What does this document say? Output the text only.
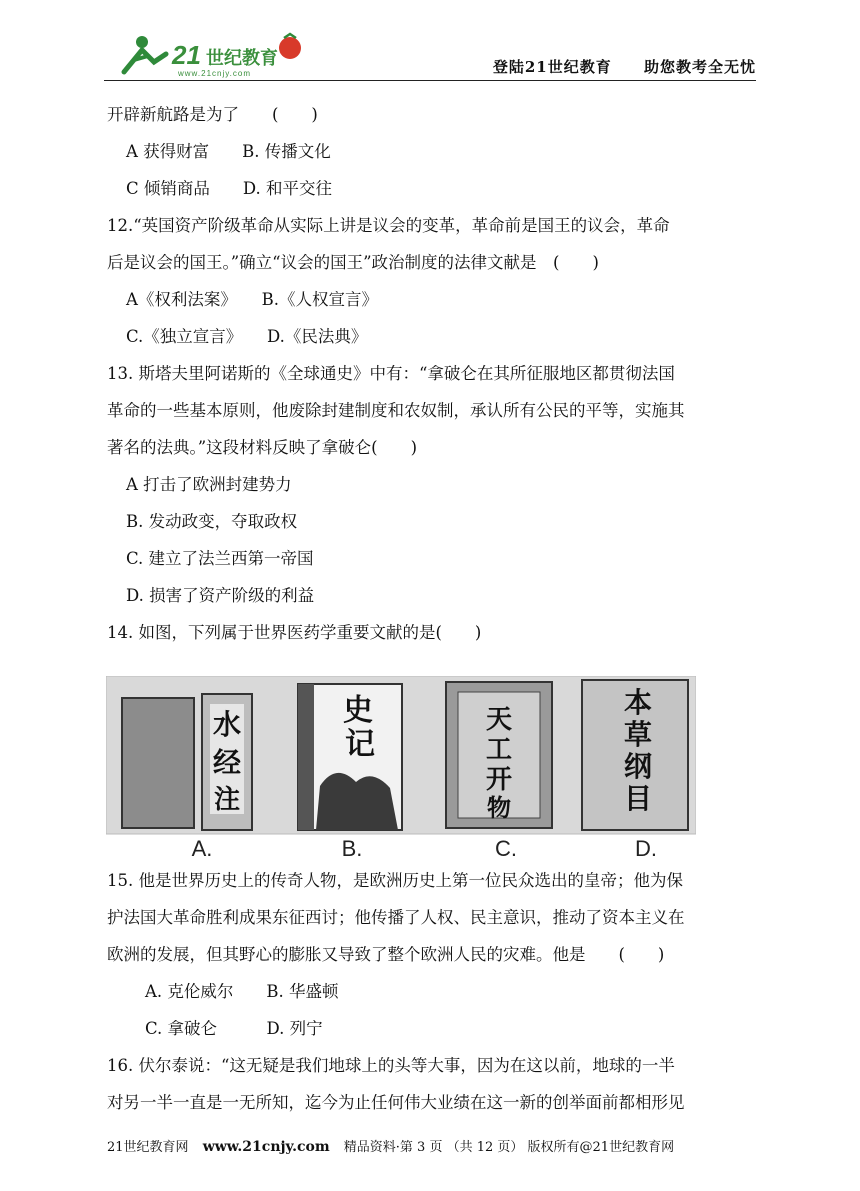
21 世纪教育
www.21cnjy.com	登陆21世纪教育 助您教考全无忧
开辟新航路是为了　　(　　)
A 获得财富　　B. 传播文化
C 倾销商品　　D. 和平交往
12.“英国资产阶级革命从实际上讲是议会的变革，革命前是国王的议会，革命
后是议会的国王。”确立“议会的国王”政治制度的法律文献是　(　　)
A《权利法案》　　B.《人权宣言》
C.《独立宣言》　　D.《民法典》
13. 斯塔夫里阿诺斯的《全球通史》中有：“拿破仑在其所征服地区都贯彻法国
革命的一些基本原则，他废除封建制度和农奴制，承认所有公民的平等，实施其
著名的法典。”这段材料反映了拿破仑(　　)
A 打击了欧洲封建势力
B. 发动政变，夺取政权
C. 建立了法兰西第一帝国
D. 损害了资产阶级的利益
14. 如图，下列属于世界医药学重要文献的是(　　)
水
经
注
史
记
天
工
开
物
本
草
纲
目
A.	B.	C.	D.
15. 他是世界历史上的传奇人物，是欧洲历史上第一位民众选出的皇帝；他为保
护法国大革命胜利成果东征西讨；他传播了人权、民主意识，推动了资本主义在
欧洲的发展，但其野心的膨胀又导致了整个欧洲人民的灾难。他是　　(　　)
A. 克伦威尔　　B. 华盛顿
C. 拿破仑　　　D. 列宁
16. 伏尔泰说：“这无疑是我们地球上的头等大事，因为在这以前，地球的一半
对另一半一直是一无所知，迄今为止任何伟大业绩在这一新的创举面前都相形见
21世纪教育网 www.21cnjy.com 精品资料·第 3 页 （共 12 页） 版权所有@21世纪教育网
